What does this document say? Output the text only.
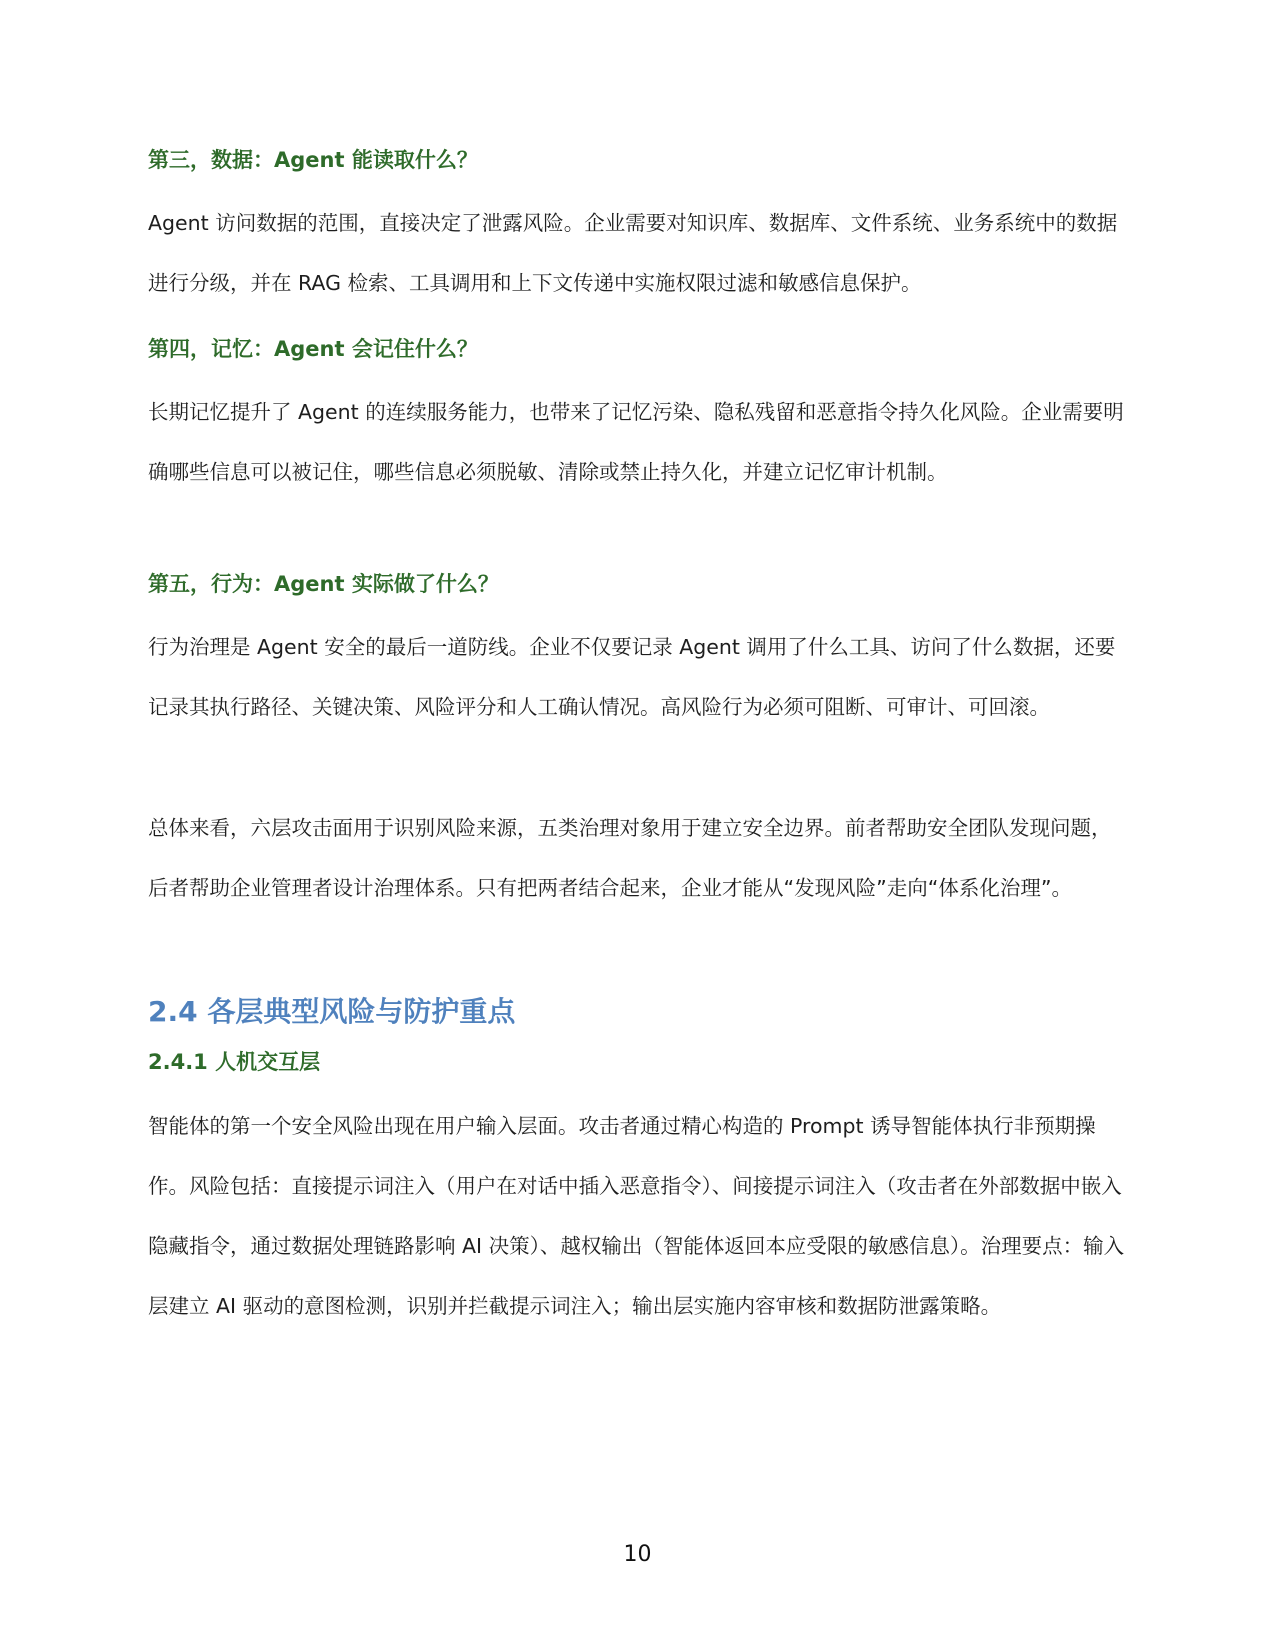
第三，数据：Agent 能读取什么？

Agent 访问数据的范围，直接决定了泄露风险。企业需要对知识库、数据库、文件系统、业务系统中的数据进行分级，并在 RAG 检索、工具调用和上下文传递中实施权限过滤和敏感信息保护。

第四，记忆：Agent 会记住什么？

长期记忆提升了 Agent 的连续服务能力，也带来了记忆污染、隐私残留和恶意指令持久化风险。企业需要明确哪些信息可以被记住，哪些信息必须脱敏、清除或禁止持久化，并建立记忆审计机制。

第五，行为：Agent 实际做了什么？

行为治理是 Agent 安全的最后一道防线。企业不仅要记录 Agent 调用了什么工具、访问了什么数据，还要记录其执行路径、关键决策、风险评分和人工确认情况。高风险行为必须可阻断、可审计、可回滚。

总体来看，六层攻击面用于识别风险来源，五类治理对象用于建立安全边界。前者帮助安全团队发现问题，后者帮助企业管理者设计治理体系。只有把两者结合起来，企业才能从“发现风险”走向“体系化治理”。

2.4 各层典型风险与防护重点
2.4.1 人机交互层

智能体的第一个安全风险出现在用户输入层面。攻击者通过精心构造的 Prompt 诱导智能体执行非预期操作。风险包括：直接提示词注入（用户在对话中插入恶意指令）、间接提示词注入（攻击者在外部数据中嵌入隐藏指令，通过数据处理链路影响 AI 决策）、越权输出（智能体返回本应受限的敏感信息）。治理要点：输入层建立 AI 驱动的意图检测，识别并拦截提示词注入；输出层实施内容审核和数据防泄露策略。

10
